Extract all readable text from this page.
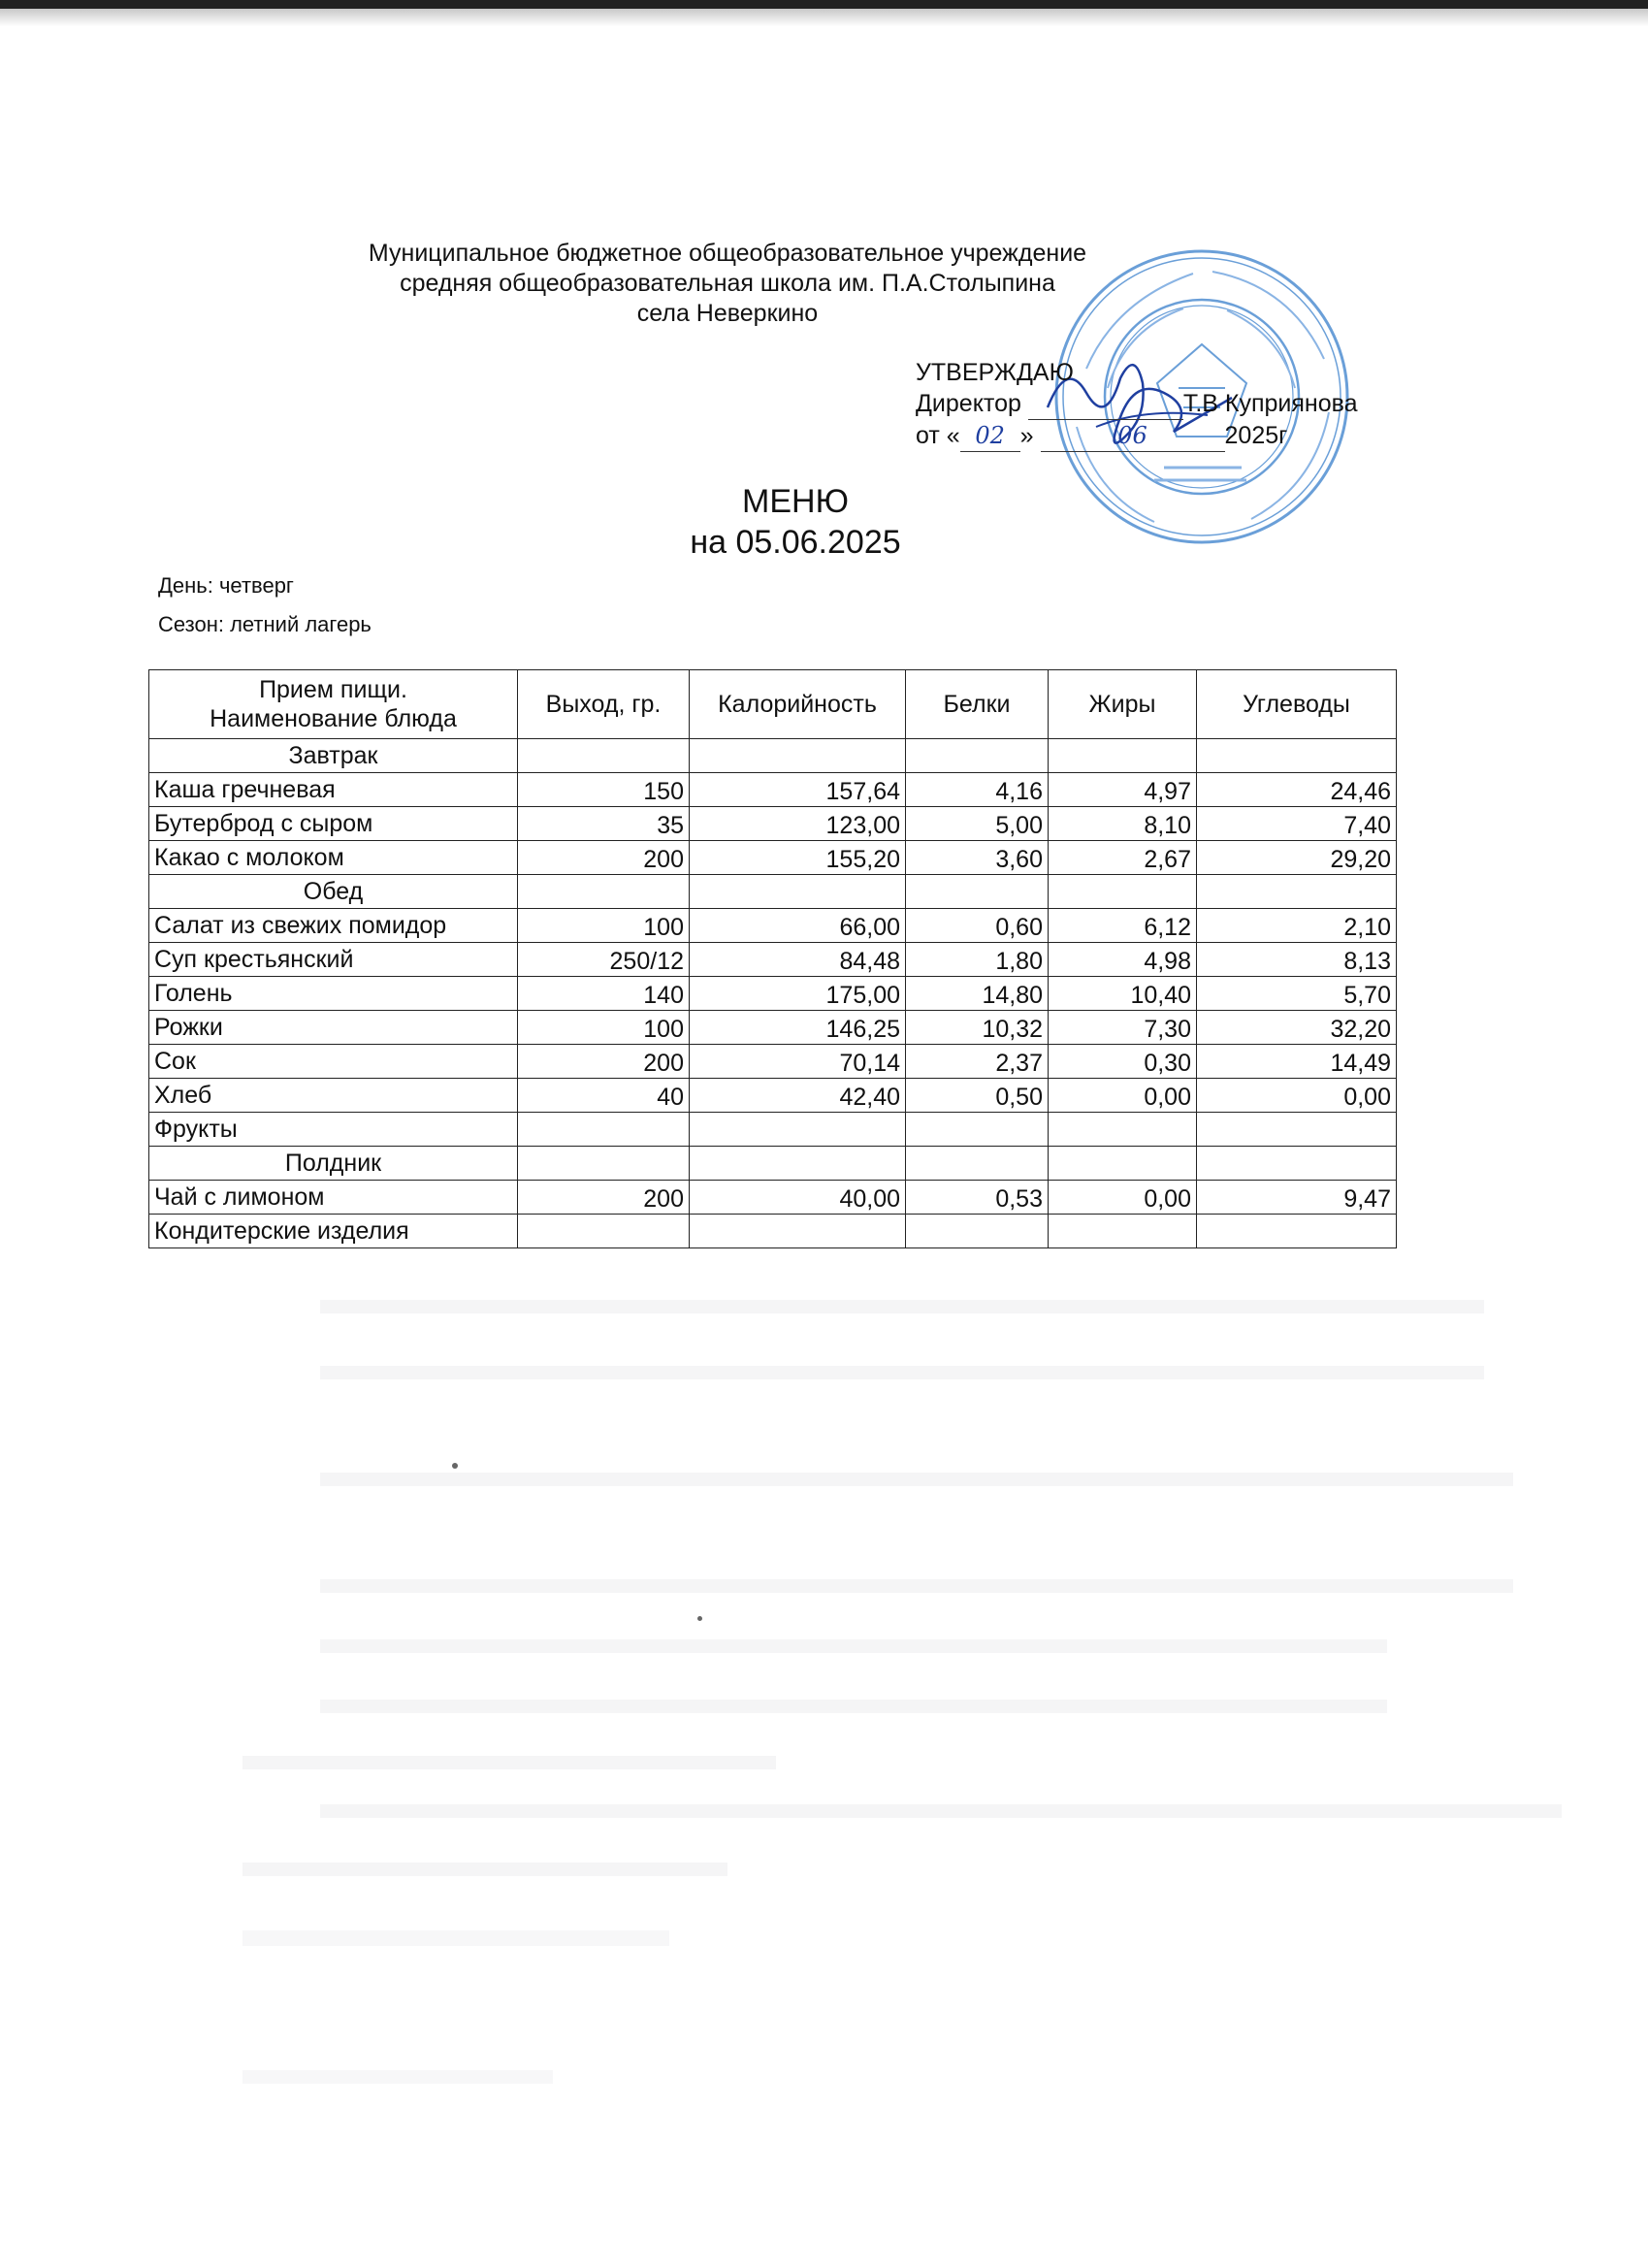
Муниципальное бюджетное общеобразовательное учреждение
средняя общеобразовательная школа им. П.А.Столыпина
села Неверкино
УТВЕРЖДАЮ
Директор	Т.В Куприянова
от « 02 »	06	2025г
МЕНЮ
на 05.06.2025
День: четверг
Сезон: летний лагерь
Прием пищи.
Наименование блюда	Выход, гр.	Калорийность	Белки	Жиры	Углеводы
Завтрак					
Каша гречневая	150	157,64	4,16	4,97	24,46
Бутерброд с сыром	35	123,00	5,00	8,10	7,40
Какао с молоком	200	155,20	3,60	2,67	29,20
Обед					
Салат из свежих помидор	100	66,00	0,60	6,12	2,10
Суп крестьянский	250/12	84,48	1,80	4,98	8,13
Голень	140	175,00	14,80	10,40	5,70
Рожки	100	146,25	10,32	7,30	32,20
Сок	200	70,14	2,37	0,30	14,49
Хлеб	40	42,40	0,50	0,00	0,00
Фрукты					
Полдник					
Чай с лимоном	200	40,00	0,53	0,00	9,47
Кондитерские изделия					
